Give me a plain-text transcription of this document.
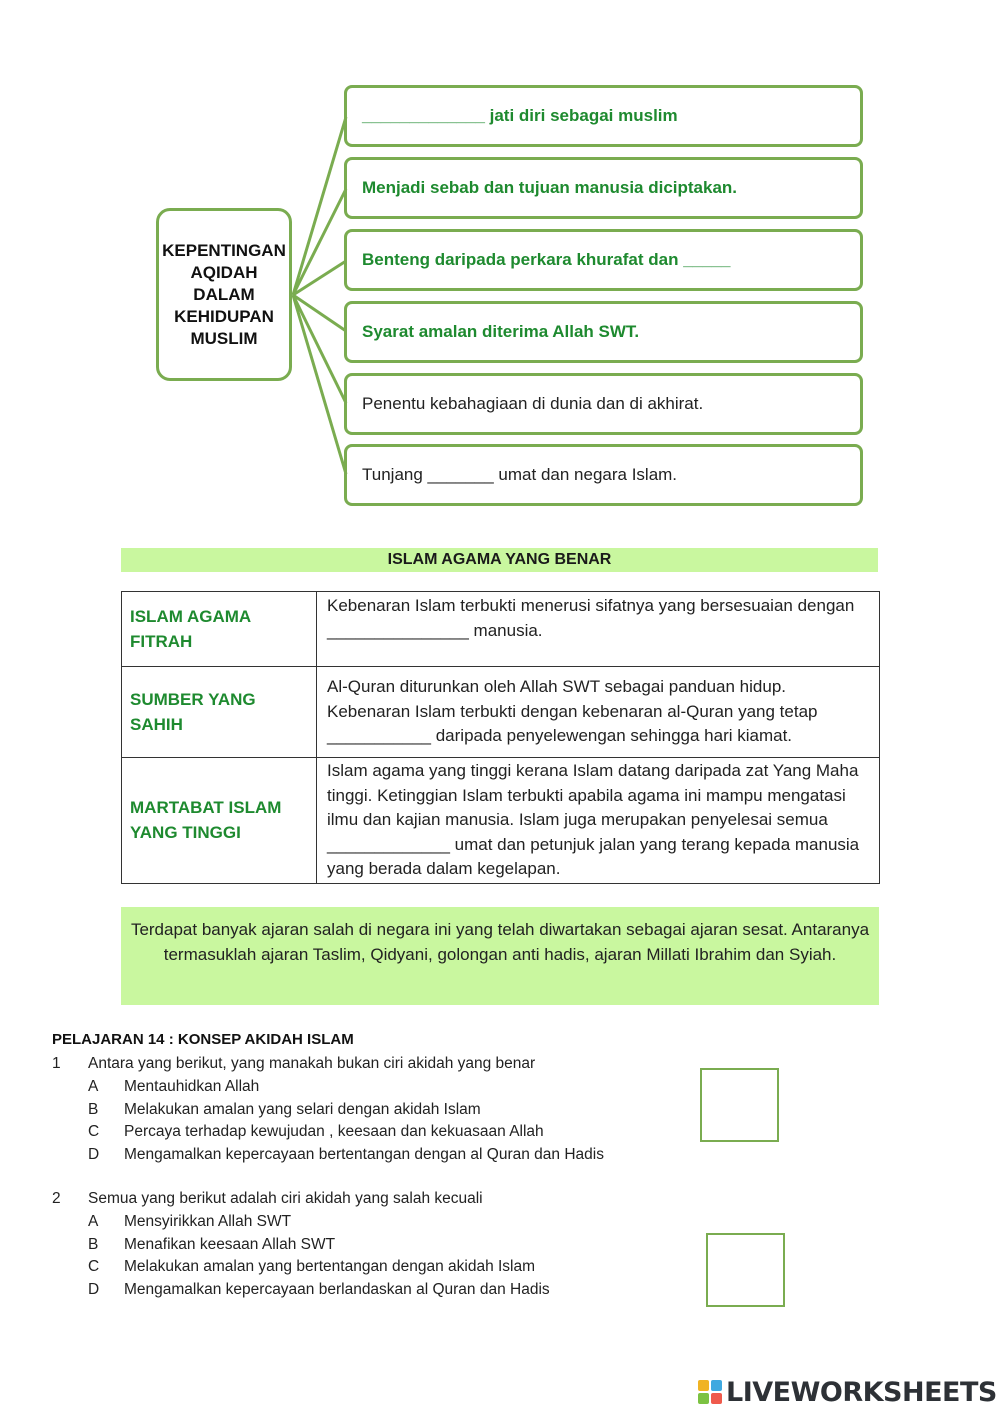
KEPENTINGAN
AQIDAH
DALAM
KEHIDUPAN
MUSLIM
_____________ jati diri sebagai muslim
Menjadi sebab dan tujuan manusia diciptakan.
Benteng daripada perkara khurafat dan _____
Syarat amalan diterima Allah SWT.
Penentu kebahagiaan di dunia dan di akhirat.
Tunjang _______ umat dan negara Islam.
ISLAM AGAMA YANG BENAR
ISLAM AGAMA FITRAH	Kebenaran Islam terbukti menerusi sifatnya yang bersesuaian dengan _______________ manusia.
SUMBER YANG SAHIH	Al-Quran diturunkan oleh Allah SWT sebagai panduan hidup. Kebenaran Islam terbukti dengan kebenaran al-Quran yang tetap ___________ daripada penyelewengan sehingga hari kiamat.
MARTABAT ISLAM YANG TINGGI	Islam agama yang tinggi kerana Islam datang daripada zat Yang Maha tinggi. Ketinggian Islam terbukti apabila agama ini mampu mengatasi ilmu dan kajian manusia. Islam juga merupakan penyelesai semua _____________ umat dan petunjuk jalan yang terang kepada manusia yang berada dalam kegelapan.
Terdapat banyak ajaran salah di negara ini yang telah diwartakan sebagai ajaran sesat. Antaranya termasuklah ajaran Taslim, Qidyani, golongan anti hadis, ajaran Millati Ibrahim dan Syiah.
PELAJARAN 14 : KONSEP AKIDAH ISLAM
1 Antara yang berikut, yang manakah bukan ciri akidah yang benar
A Mentauhidkan Allah
B Melakukan amalan yang selari dengan akidah Islam
C Percaya terhadap kewujudan , keesaan dan kekuasaan Allah
D Mengamalkan kepercayaan bertentangan dengan al Quran dan Hadis
2 Semua yang berikut adalah ciri akidah yang salah kecuali
A Mensyirikkan Allah SWT
B Menafikan keesaan Allah SWT
C Melakukan amalan yang bertentangan dengan akidah Islam
D Mengamalkan kepercayaan berlandaskan al Quran dan Hadis
LIVEWORKSHEETS
